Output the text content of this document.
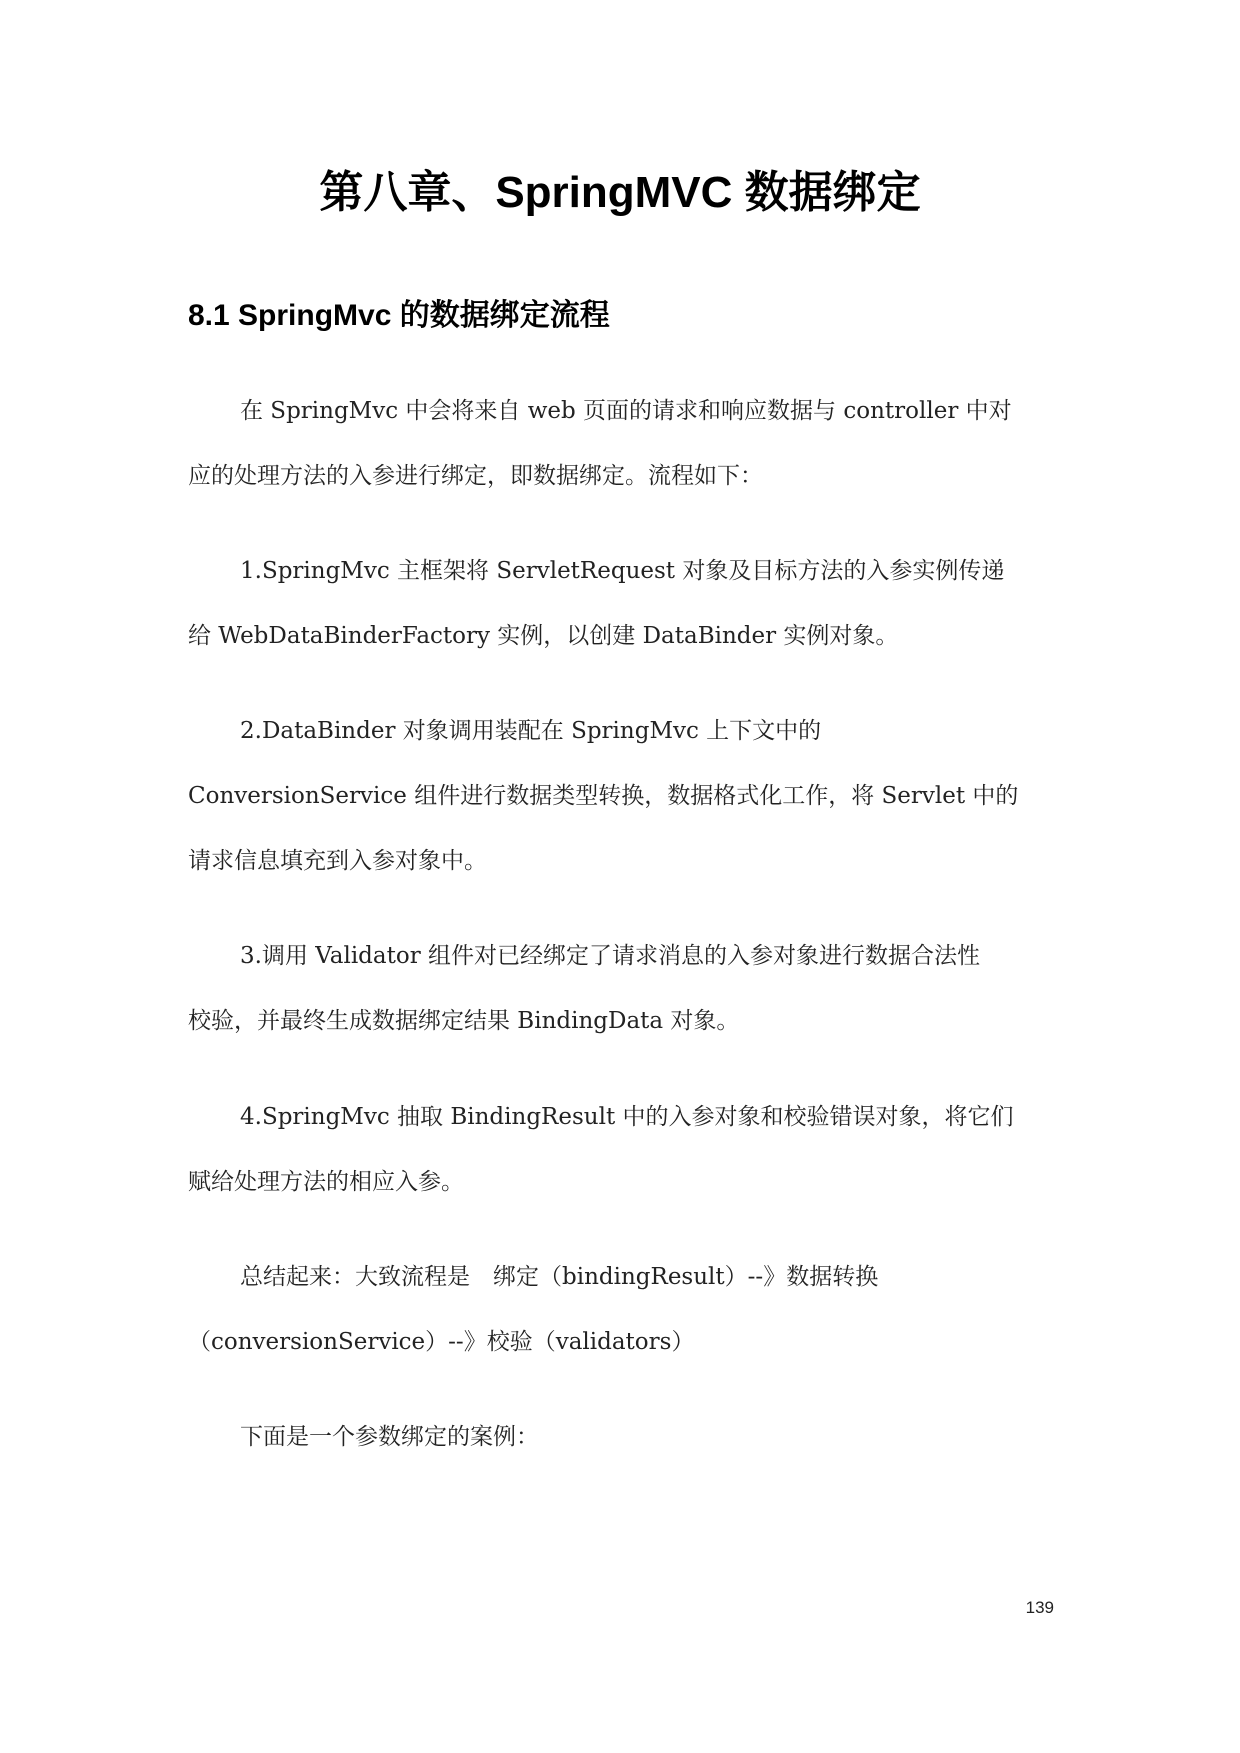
第八章、SpringMVC 数据绑定
8.1 SpringMvc 的数据绑定流程
在 SpringMvc 中会将来自 web 页面的请求和响应数据与 controller 中对
应的处理方法的入参进行绑定，即数据绑定。流程如下：
1.SpringMvc 主框架将 ServletRequest 对象及目标方法的入参实例传递
给 WebDataBinderFactory 实例，以创建 DataBinder 实例对象。
2.DataBinder 对象调用装配在 SpringMvc 上下文中的
ConversionService 组件进行数据类型转换，数据格式化工作，将 Servlet 中的
请求信息填充到入参对象中。
3.调用 Validator 组件对已经绑定了请求消息的入参对象进行数据合法性
校验，并最终生成数据绑定结果 BindingData 对象。
4.SpringMvc 抽取 BindingResult 中的入参对象和校验错误对象，将它们
赋给处理方法的相应入参。
总结起来：大致流程是　绑定（bindingResult）--》数据转换
（conversionService）--》校验（validators）
下面是一个参数绑定的案例：
139
